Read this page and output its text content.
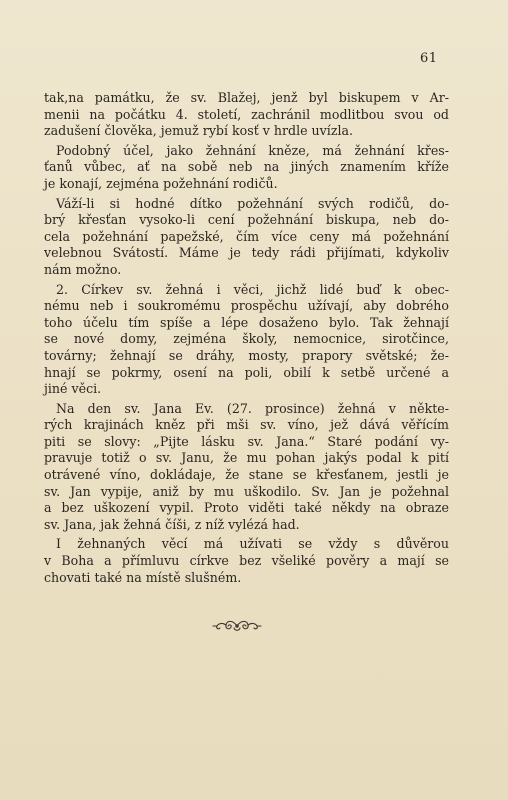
61
tak,na památku, že sv. Blažej, jenž byl biskupem v Ar-
menii na počátku 4. století, zachránil modlitbou svou od
zadušení člověka, jemuž rybí kosť v hrdle uvízla.
Podobný účel, jako žehnání kněze, má žehnání křes-
ťanů vůbec, ať na sobě neb na jiných znamením kříže
je konají, zejména požehnání rodičů.
Váží-li si hodné dítko požehnání svých rodičů, do-
brý křesťan vysoko-li cení požehnání biskupa, neb do-
cela požehnání papežské, čím více ceny má požehnání
velebnou Svátostí. Máme je tedy rádi přijímati, kdykoliv
nám možno.
2. Církev sv. žehná i věci, jichž lidé buď k obec-
nému neb i soukromému prospěchu užívají, aby dobrého
toho účelu tím spíše a lépe dosaženo bylo. Tak žehnají
se nové domy, zejména školy, nemocnice, sirotčince,
továrny; žehnají se dráhy, mosty, prapory světské; že-
hnají se pokrmy, osení na poli, obilí k setbě určené a
jiné věci.
Na den sv. Jana Ev. (27. prosince) žehná v někte-
rých krajinách kněz při mši sv. víno, jež dává věřícím
piti se slovy: „Pijte lásku sv. Jana.“ Staré podání vy-
pravuje totiž o sv. Janu, že mu pohan jakýs podal k pití
otrávené víno, dokládaje, že stane se křesťanem, jestli je
sv. Jan vypije, aniž by mu uškodilo. Sv. Jan je požehnal
a bez uškození vypil. Proto viděti také někdy na obraze
sv. Jana, jak žehná číši, z níž vylézá had.
I žehnaných věcí má užívati se vždy s důvěrou
v Boha a přímluvu církve bez všeliké pověry a mají se
chovati také na místě slušném.
